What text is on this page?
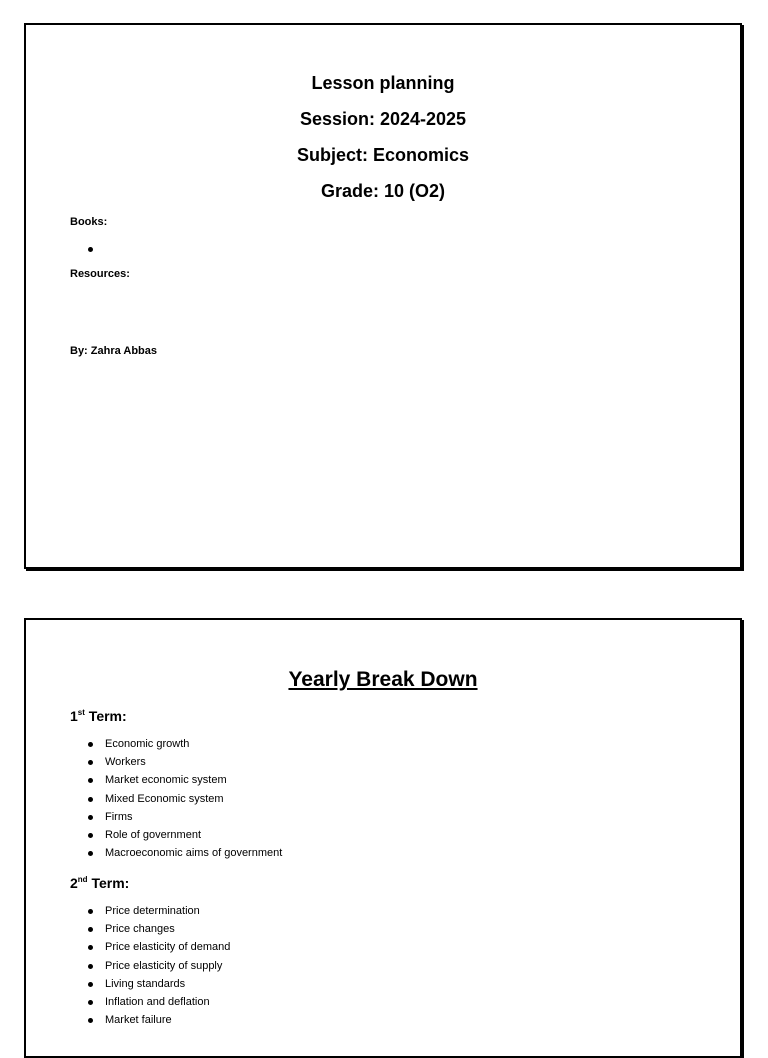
Lesson planning
Session: 2024-2025
Subject: Economics
Grade: 10 (O2)
Books:
Resources:
By: Zahra Abbas
Yearly Break Down
1st Term:
Economic growth
Workers
Market economic system
Mixed Economic system
Firms
Role of government
Macroeconomic aims of government
2nd Term:
Price determination
Price changes
Price elasticity of demand
Price elasticity of supply
Living standards
Inflation and deflation
Market failure
